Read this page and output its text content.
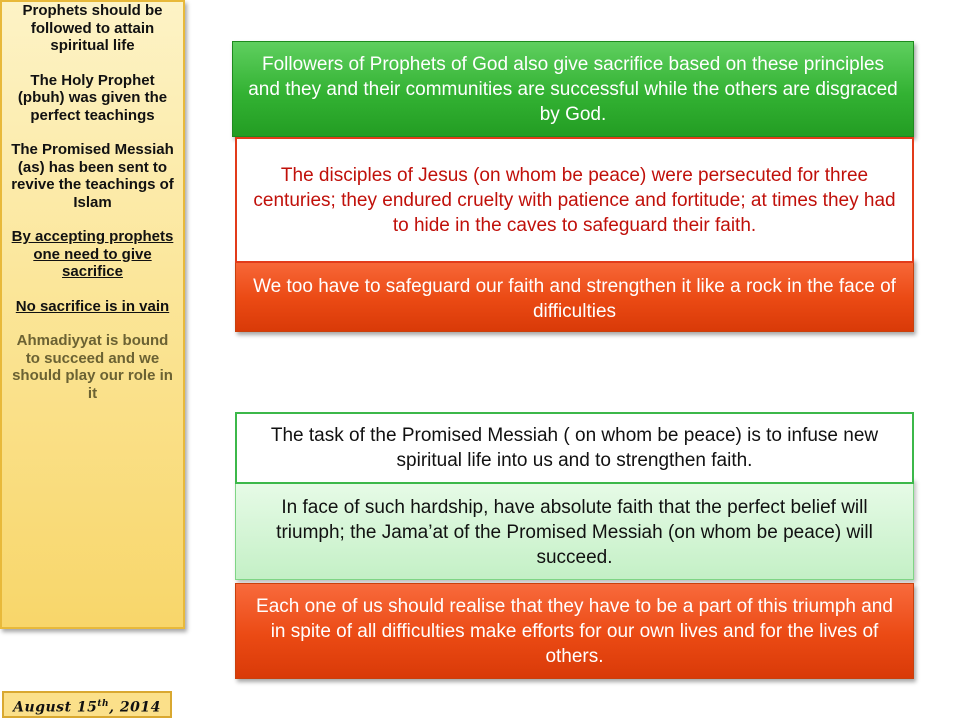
Prophets should be followed to attain spiritual life

The Holy Prophet (pbuh) was given the perfect teachings

The Promised Messiah (as) has been sent to revive the teachings of Islam

By accepting prophets one need to give sacrifice

No sacrifice is in vain

Ahmadiyyat is bound to succeed and we should play our role in it

August 15th, 2014
Followers of Prophets of God also give sacrifice based on these principles and they and their communities are successful while the others are disgraced by God.
We too have to safeguard our faith and strengthen it like a rock in the face of difficulties
The disciples of Jesus (on whom be peace) were persecuted for three centuries; they endured cruelty with patience and fortitude; at times they had to hide in the caves to safeguard their faith.
In face of such hardship, have absolute faith that the perfect belief will triumph; the Jama’at of the Promised Messiah (on whom be peace) will succeed.
The task of the Promised Messiah ( on whom be peace) is to infuse new spiritual life into us and to strengthen faith.
Each one of us should realise that they have to be a part of this triumph and in spite of all difficulties make efforts for our own lives and for the lives of others.
